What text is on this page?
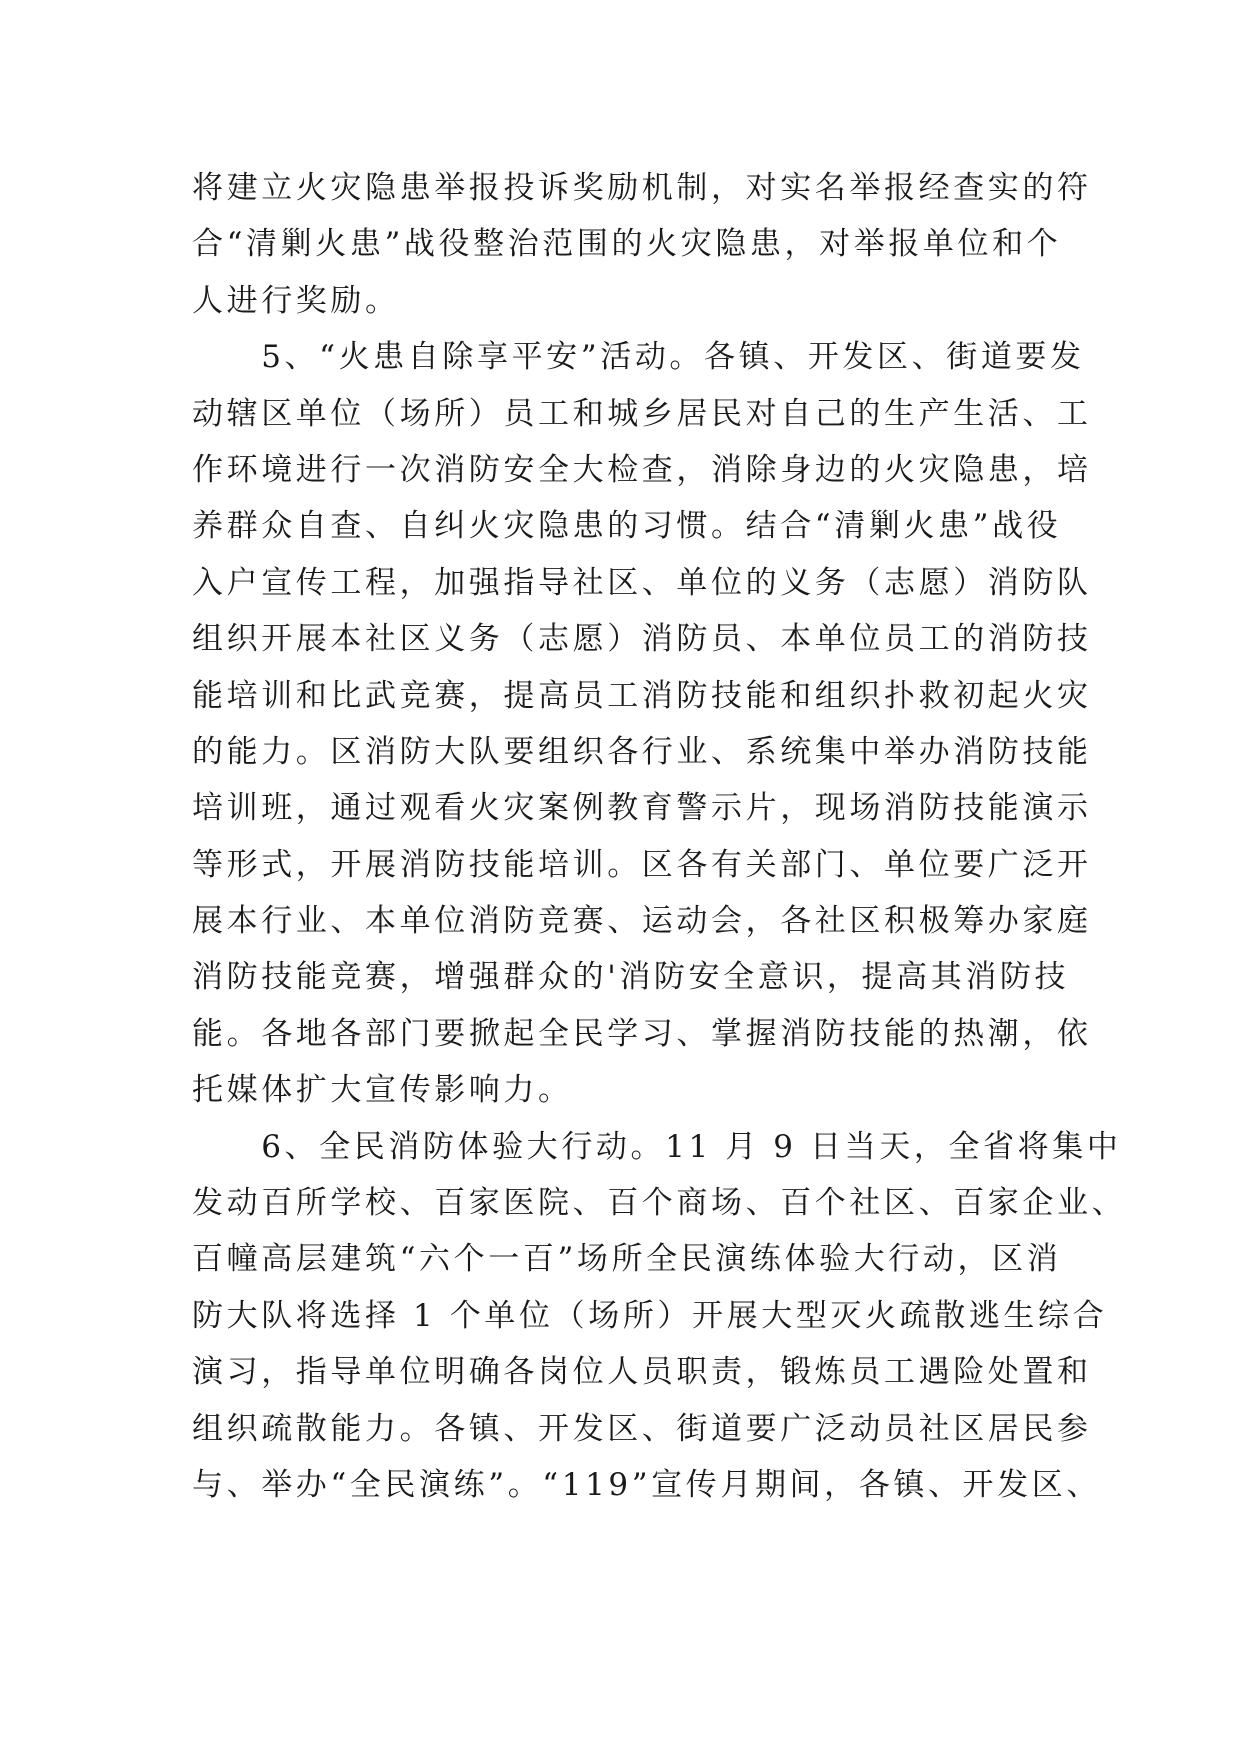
将建立火灾隐患举报投诉奖励机制，对实名举报经查实的符
合“清剿火患”战役整治范围的火灾隐患，对举报单位和个
人进行奖励。
　　5、“火患自除享平安”活动。各镇、开发区、街道要发
动辖区单位（场所）员工和城乡居民对自己的生产生活、工
作环境进行一次消防安全大检查，消除身边的火灾隐患，培
养群众自查、自纠火灾隐患的习惯。结合“清剿火患”战役
入户宣传工程，加强指导社区、单位的义务（志愿）消防队
组织开展本社区义务（志愿）消防员、本单位员工的消防技
能培训和比武竞赛，提高员工消防技能和组织扑救初起火灾
的能力。区消防大队要组织各行业、系统集中举办消防技能
培训班，通过观看火灾案例教育警示片，现场消防技能演示
等形式，开展消防技能培训。区各有关部门、单位要广泛开
展本行业、本单位消防竞赛、运动会，各社区积极筹办家庭
消防技能竞赛，增强群众的'消防安全意识，提高其消防技
能。各地各部门要掀起全民学习、掌握消防技能的热潮，依
托媒体扩大宣传影响力。
　　6、全民消防体验大行动。11 月 9 日当天，全省将集中
发动百所学校、百家医院、百个商场、百个社区、百家企业、
百幢高层建筑“六个一百”场所全民演练体验大行动，区消
防大队将选择 1 个单位（场所）开展大型灭火疏散逃生综合
演习，指导单位明确各岗位人员职责，锻炼员工遇险处置和
组织疏散能力。各镇、开发区、街道要广泛动员社区居民参
与、举办“全民演练”。“119”宣传月期间，各镇、开发区、
